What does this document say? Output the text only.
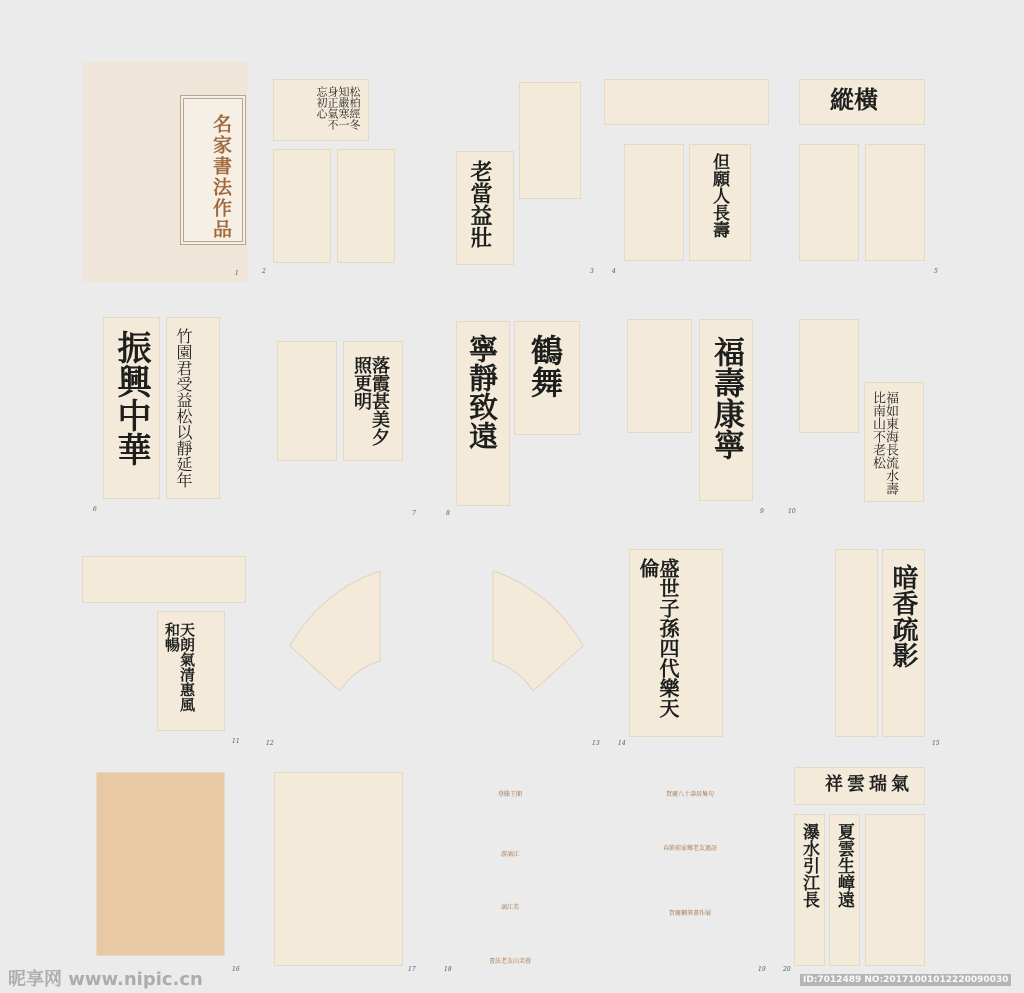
名家書法作品
1
松柏經冬知嚴寒一身正氣不忘初心
2
老當益壯
3
但願人長壽
4
縱橫
5
振興中華 竹園君受益松以靜延年
6
落霞甚美夕照更明
7
寧靜致遠 鶴舞
8
福壽康寧
9
福如東海長流水壽比南山不老松
10
天朗氣清惠風和暢
11	12	13
盛世子孫四代樂天倫
14
暗香疏影
15
16	17
登滕王閣
游漓江
漓江美
書法老友山芙蓉
18
賀慶八十壽辰集句
春節前家鄉老友過訪
賀慶鋼筆畫作展
19
祥雲瑞氣
瀑水引江長 夏雲生嶂遠
20
昵享网 www.nipic.cn	ID:7012489 NO:20171001012220090030
